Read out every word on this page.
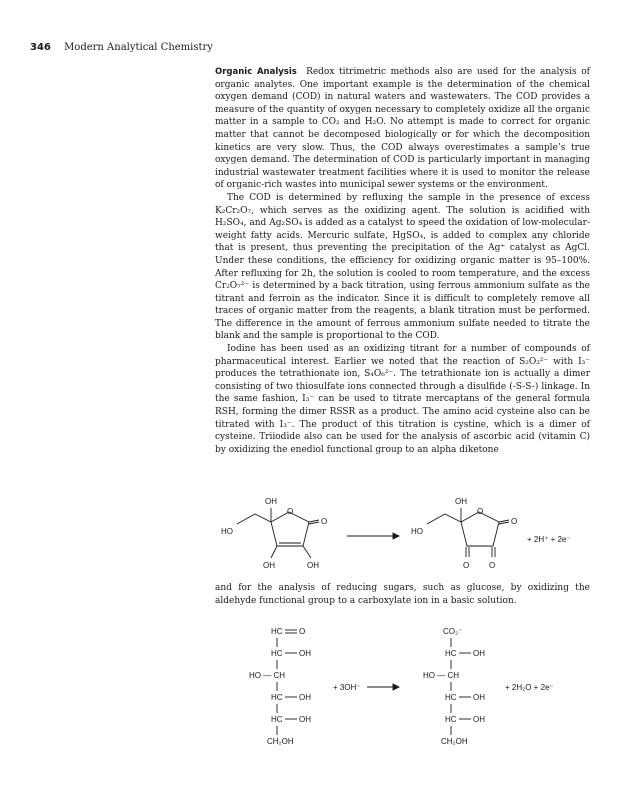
346 Modern Analytical Chemistry

Organic Analysis Redox titrimetric methods also are used for the analysis of organic analytes. One important example is the determination of the chemical oxygen demand (COD) in natural waters and wastewaters. The COD provides a measure of the quantity of oxygen necessary to completely oxidize all the organic matter in a sample to CO₂ and H₂O. No attempt is made to correct for organic matter that cannot be decomposed biologically or for which the decomposition kinetics are very slow. Thus, the COD always overestimates a sample’s true oxygen demand. The determination of COD is particularly important in managing industrial wastewater treatment facilities where it is used to monitor the release of organic-rich wastes into municipal sewer systems or the environment.

The COD is determined by refluxing the sample in the presence of excess K₂Cr₂O₇, which serves as the oxidizing agent. The solution is acidified with H₂SO₄, and Ag₂SO₄ is added as a catalyst to speed the oxidation of low-molecular-weight fatty acids. Mercuric sulfate, HgSO₄, is added to complex any chloride that is present, thus preventing the precipitation of the Ag⁺ catalyst as AgCl. Under these conditions, the efficiency for oxidizing organic matter is 95–100%. After refluxing for 2h, the solution is cooled to room temperature, and the excess Cr₂O₇²⁻ is determined by a back titration, using ferrous ammonium sulfate as the titrant and ferroin as the indicator. Since it is difficult to completely remove all traces of organic matter from the reagents, a blank titration must be performed. The difference in the amount of ferrous ammonium sulfate needed to titrate the blank and the sample is proportional to the COD.

Iodine has been used as an oxidizing titrant for a number of compounds of pharmaceutical interest. Earlier we noted that the reaction of S₂O₃²⁻ with I₃⁻ produces the tetrathionate ion, S₄O₆²⁻. The tetrathionate ion is actually a dimer consisting of two thiosulfate ions connected through a disulfide (-S-S-) linkage. In the same fashion, I₃⁻ can be used to titrate mercaptans of the general formula RSH, forming the dimer RSSR as a product. The amino acid cysteine also can be titrated with I₃⁻. The product of this titration is cystine, which is a dimer of cysteine. Triiodide also can be used for the analysis of ascorbic acid (vitamin C) by oxidizing the enediol functional group to an alpha diketone

OH
HO
O
O
OH	OH
OH
HO
O
O
O O
+ 2H⁺ + 2e⁻

and for the analysis of reducing sugars, such as glucose, by oxidizing the aldehyde functional group to a carboxylate ion in a basic solution.

HC O
HC OH
HO — CH
HC OH
HC OH
CH₂OH
+ 3OH⁻
CO₂⁻
HC OH
HO — CH
HC OH
HC OH
CH₂OH
+ 2H₂O + 2e⁻
